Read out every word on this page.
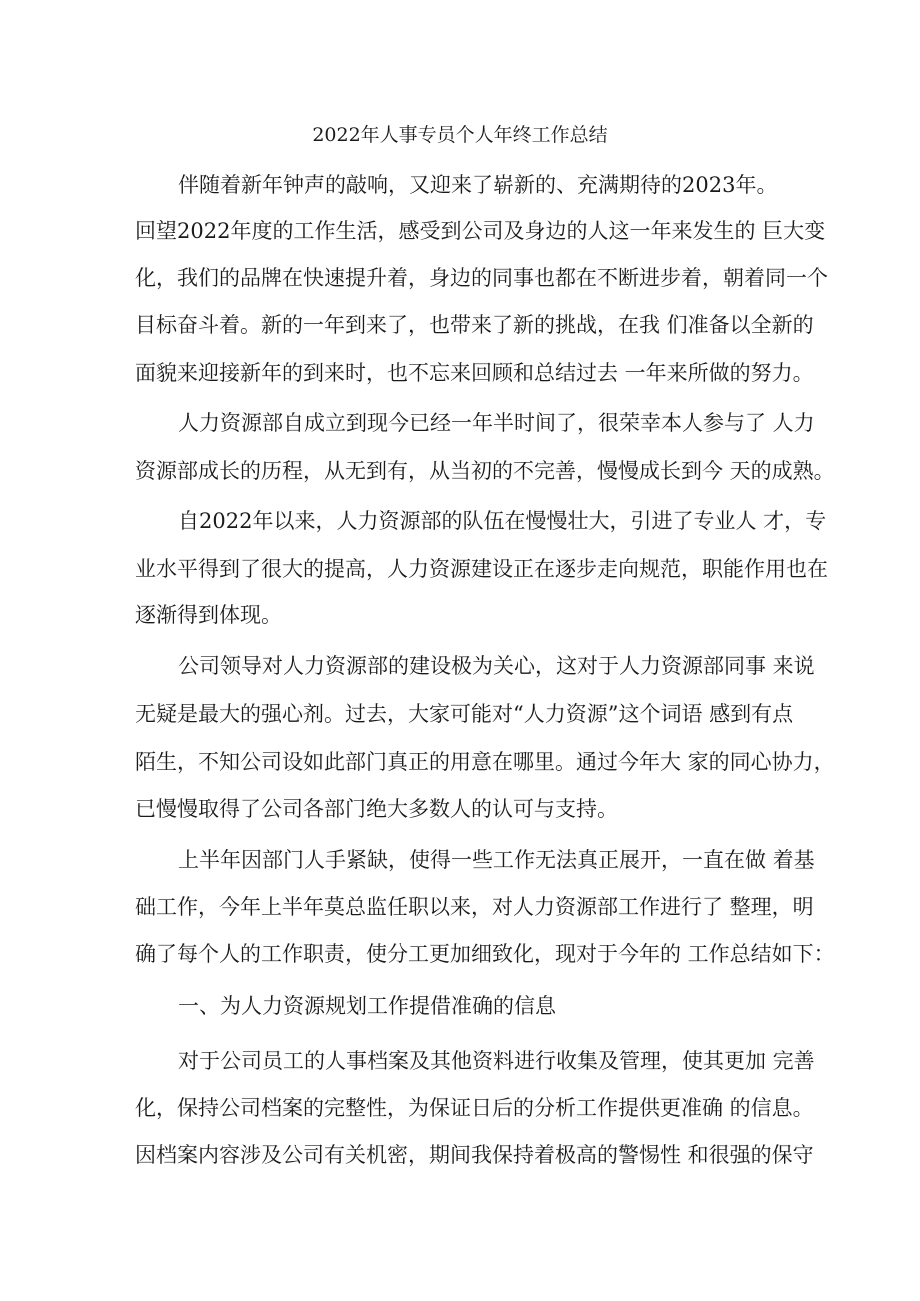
2022年人事专员个人年终工作总结
伴随着新年钟声的敲响，又迎来了崭新的、充满期待的2023年。
回望2022年度的工作生活，感受到公司及身边的人这一年来发生的 巨大变
化，我们的品牌在快速提升着，身边的同事也都在不断进步着，朝着同一个
目标奋斗着。新的一年到来了，也带来了新的挑战，在我 们准备以全新的
面貌来迎接新年的到来时，也不忘来回顾和总结过去 一年来所做的努力。
人力资源部自成立到现今已经一年半时间了，很荣幸本人参与了 人力
资源部成长的历程，从无到有，从当初的不完善，慢慢成长到今 天的成熟。
自2022年以来，人力资源部的队伍在慢慢壮大，引进了专业人 才，专
业水平得到了很大的提高，人力资源建设正在逐步走向规范，职能作用也在
逐渐得到体现。
公司领导对人力资源部的建设极为关心，这对于人力资源部同事 来说
无疑是最大的强心剂。过去，大家可能对“人力资源”这个词语 感到有点
陌生，不知公司设如此部门真正的用意在哪里。通过今年大 家的同心协力，
已慢慢取得了公司各部门绝大多数人的认可与支持。
上半年因部门人手紧缺，使得一些工作无法真正展开，一直在做 着基
础工作，今年上半年莫总监任职以来，对人力资源部工作进行了 整理，明
确了每个人的工作职责，使分工更加细致化，现对于今年的 工作总结如下：
一、为人力资源规划工作提借准确的信息
对于公司员工的人事档案及其他资料进行收集及管理，使其更加 完善
化，保持公司档案的完整性，为保证日后的分析工作提供更准确 的信息。
因档案内容涉及公司有关机密，期间我保持着极高的警惕性 和很强的保守
